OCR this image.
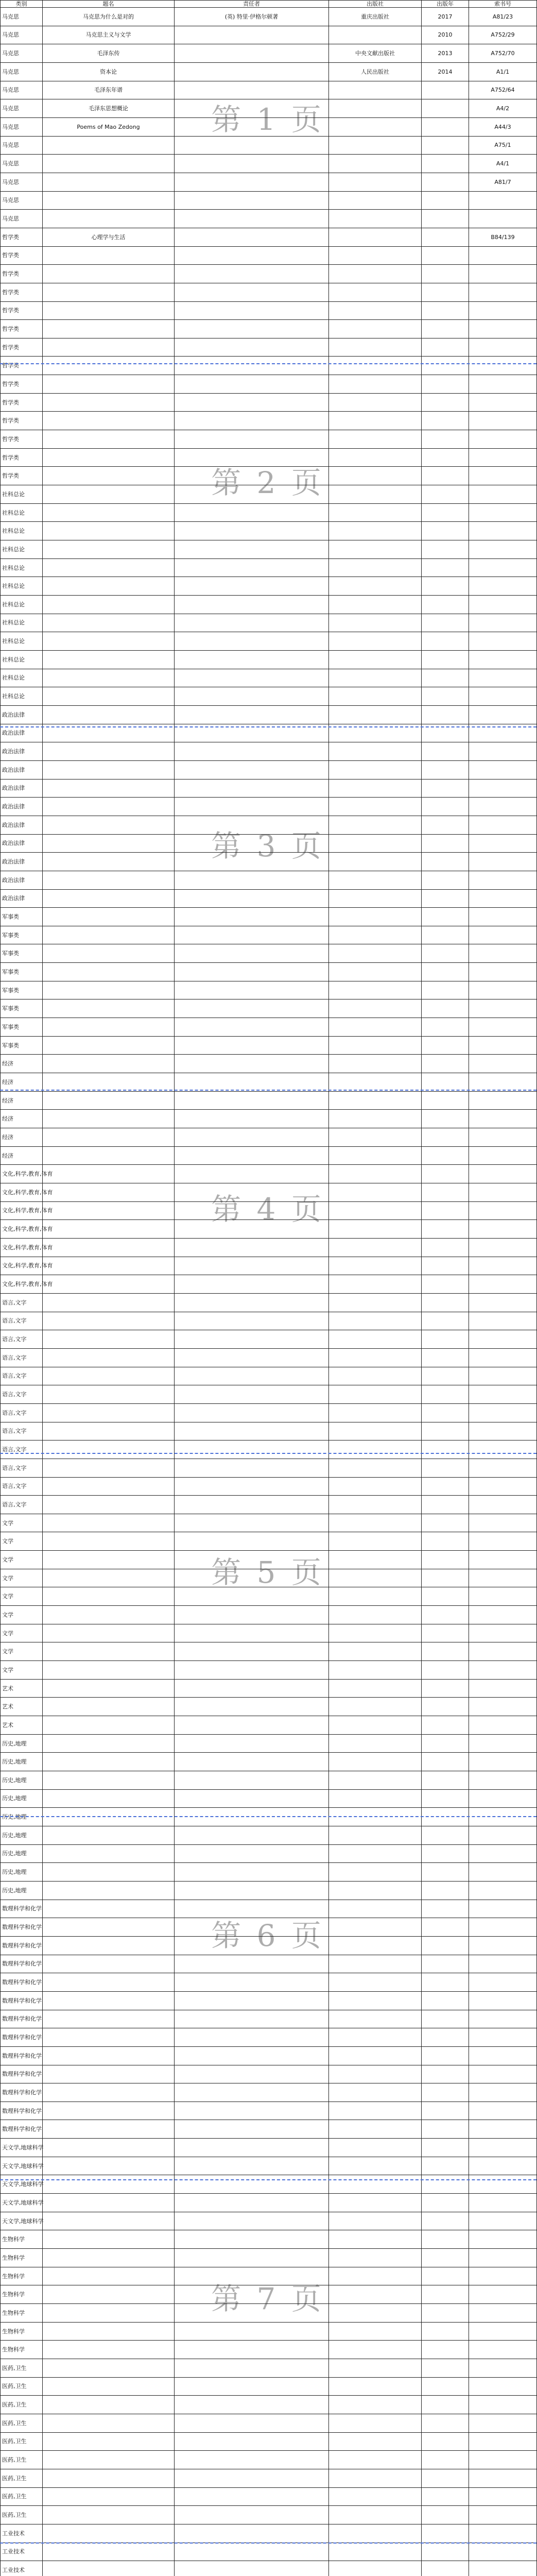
类别	题名	责任者	出版社	出版年	索书号
马克思	马克思为什么是对的	(英) 特里·伊格尔顿著	重庆出版社	2017	A81/23
马克思	马克思主义与文学			2010	A752/29
马克思	毛泽东传		中央文献出版社	2013	A752/70
马克思	资本论		人民出版社	2014	A1/1
马克思	毛泽东年谱				A752/64
马克思	毛泽东思想概论				A4/2
马克思	Poems of Mao Zedong				A44/3
马克思					A75/1
马克思					A4/1
马克思					A81/7
马克思					
马克思					
哲学类	心理学与生活				B84/139
哲学类					
哲学类					
哲学类					
哲学类					
哲学类					
哲学类					
哲学类					
哲学类					
哲学类					
哲学类					
哲学类					
哲学类					
哲学类					
社科总论					
社科总论					
社科总论					
社科总论					
社科总论					
社科总论					
社科总论					
社科总论					
社科总论					
社科总论					
社科总论					
社科总论					
政治法律					
政治法律					
政治法律					
政治法律					
政治法律					
政治法律					
政治法律					
政治法律					
政治法律					
政治法律					
政治法律					
军事类					
军事类					
军事类					
军事类					
军事类					
军事类					
军事类					
军事类					
经济					
经济					
经济					
经济					
经济					
经济					
文化,科学,教育,体育					
文化,科学,教育,体育					
文化,科学,教育,体育					
文化,科学,教育,体育					
文化,科学,教育,体育					
文化,科学,教育,体育					
文化,科学,教育,体育					
语言,文字					
语言,文字					
语言,文字					
语言,文字					
语言,文字					
语言,文字					
语言,文字					
语言,文字					
语言,文字					
语言,文字					
语言,文字					
语言,文字					
文学					
文学					
文学					
文学					
文学					
文学					
文学					
文学					
文学					
艺术					
艺术					
艺术					
历史,地理					
历史,地理					
历史,地理					
历史,地理					
历史,地理					
历史,地理					
历史,地理					
历史,地理					
历史,地理					
数理科学和化学					
数理科学和化学					
数理科学和化学					
数理科学和化学					
数理科学和化学					
数理科学和化学					
数理科学和化学					
数理科学和化学					
数理科学和化学					
数理科学和化学					
数理科学和化学					
数理科学和化学					
数理科学和化学					
天文学,地球科学					
天文学,地球科学					
天文学,地球科学					
天文学,地球科学					
天文学,地球科学					
生物科学					
生物科学					
生物科学					
生物科学					
生物科学					
生物科学					
生物科学					
医药,卫生					
医药,卫生					
医药,卫生					
医药,卫生					
医药,卫生					
医药,卫生					
医药,卫生					
医药,卫生					
医药,卫生					
工业技术					
工业技术					
工业技术					

第 1 页
第 2 页
第 3 页
第 4 页
第 5 页
第 6 页
第 7 页
